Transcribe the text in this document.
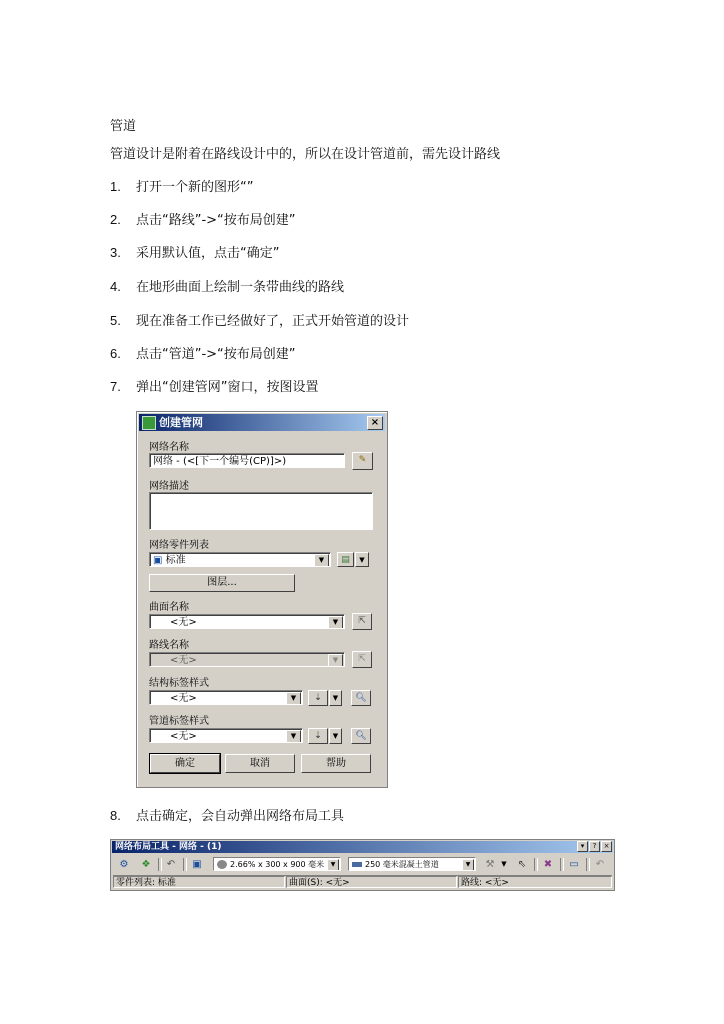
管道
管道设计是附着在路线设计中的，所以在设计管道前，需先设计路线
1. 打开一个新的图形“”
2. 点击“路线”->“按布局创建”
3. 采用默认值，点击“确定”
4. 在地形曲面上绘制一条带曲线的路线
5. 现在准备工作已经做好了，正式开始管道的设计
6. 点击“管道”->“按布局创建”
7. 弹出“创建管网”窗口，按图设置
8. 点击确定，会自动弹出网络布局工具
创建管网	×
网络名称
网络 - (<[下一个编号(CP)]>)	✎
网络描述
网络零件列表
▣ 标准	▼	▤	▼
图层...
曲面名称
<无>	▼	⇱
路线名称
<无>	▼	⇱
结构标签样式
<无>	▼	⇣	▼	🔍︎
管道标签样式
<无>	▼	⇣	▼	🔍︎
确定	取消	帮助
网络布局工具 - 网络 - (1)	▾	?	×
⚙ ❖ ↶ ▣	2.66% x 300 x 900 毫米	▼	250 毫米混凝土管道	▼	⚒ ▼	⇖ ✖ ▭ ↶
零件列表: 标准	曲面(S): <无>	路线: <无>
